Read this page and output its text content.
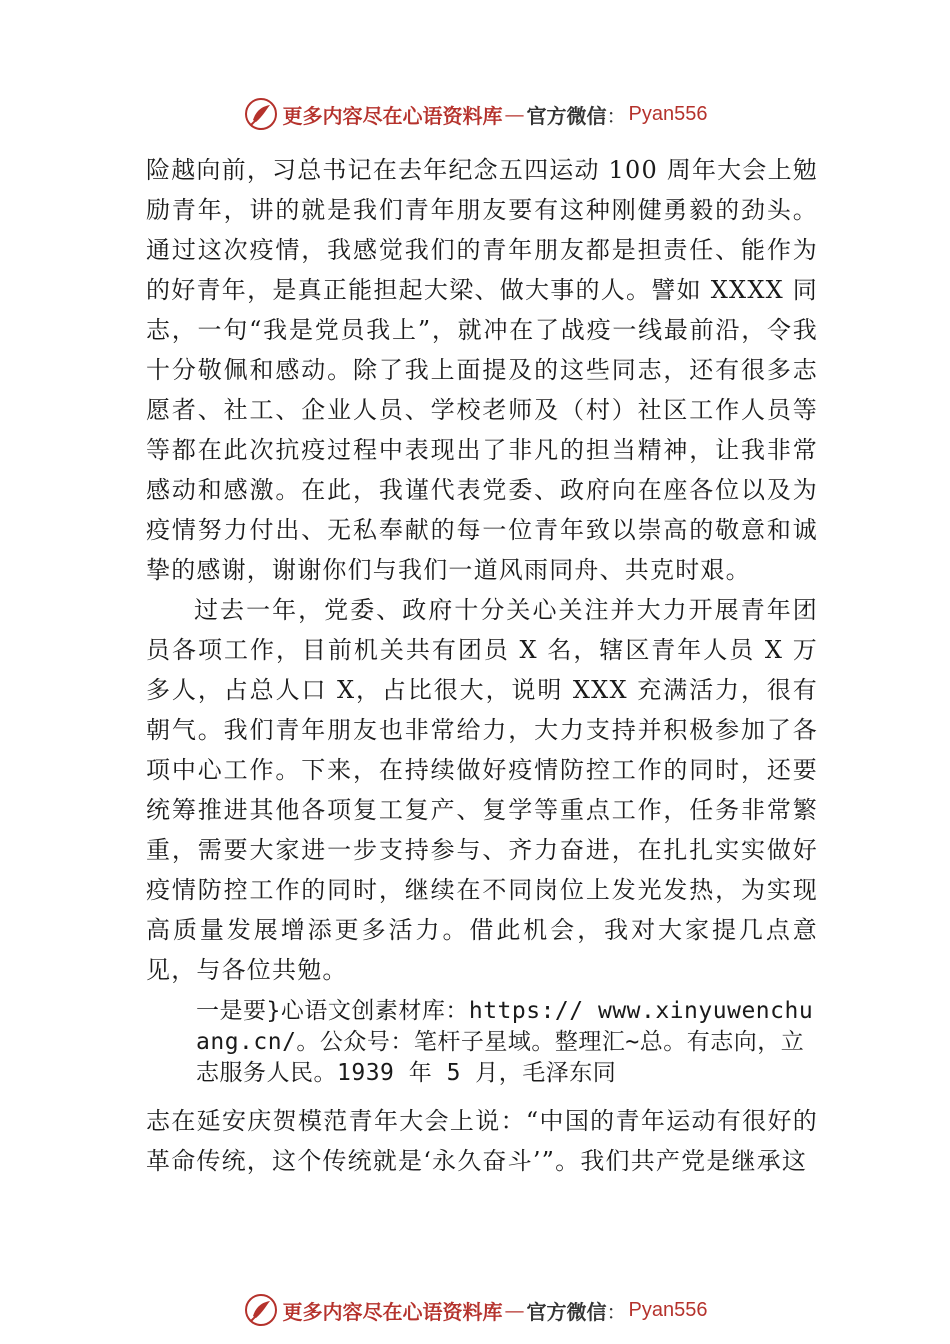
更多内容尽在心语资料库 — 官方微信 ： Pyan556

险越向前，习总书记在去年纪念五四运动 100 周年大会上勉励青年，讲的就是我们青年朋友要有这种刚健勇毅的劲头。 通过这次疫情，我感觉我们的青年朋友都是担责任、能作为的好青年，是真正能担起大梁、做大事的人。譬如 XXXX 同志，一句“我是党员我上”，就冲在了战疫一线最前沿，令我十分敬佩和感动。除了我上面提及的这些同志，还有很多志愿者、社工、企业人员、学校老师及（村）社区工作人员等等都在此次抗疫过程中表现出了非凡的担当精神，让我非常感动和感激。在此，我谨代表党委、政府向在座各位以及为疫情努力付出、无私奉献的每一位青年致以崇高的敬意和诚挚的感谢，谢谢你们与我们一道风雨同舟、共克时艰。

过去一年，党委、政府十分关心关注并大力开展青年团员各项工作，目前机关共有团员 X 名，辖区青年人员 X 万多人，占总人口 X，占比很大，说明 XXX 充满活力，很有朝气。我们青年朋友也非常给力，大力支持并积极参加了各项中心工作。下来，在持续做好疫情防控工作的同时，还要统筹推进其他各项复工复产、复学等重点工作，任务非常繁重，需要大家进一步支持参与、齐力奋进，在扎扎实实做好疫情防控工作的同时，继续在不同岗位上发光发热，为实现高质量发展增添更多活力。借此机会，我对大家提几点意见，与各位共勉。

一是要}心语文创素材库：https:// www.xinyuwenchuang.cn/。公众号：笔杆子星域。整理汇~总。有志向，立志服务人民。1939 年 5 月，毛泽东同

志在延安庆贺模范青年大会上说：“中国的青年运动有很好的革命传统，这个传统就是‘永久奋斗’”。我们共产党是继承这

更多内容尽在心语资料库 — 官方微信 ： Pyan556
